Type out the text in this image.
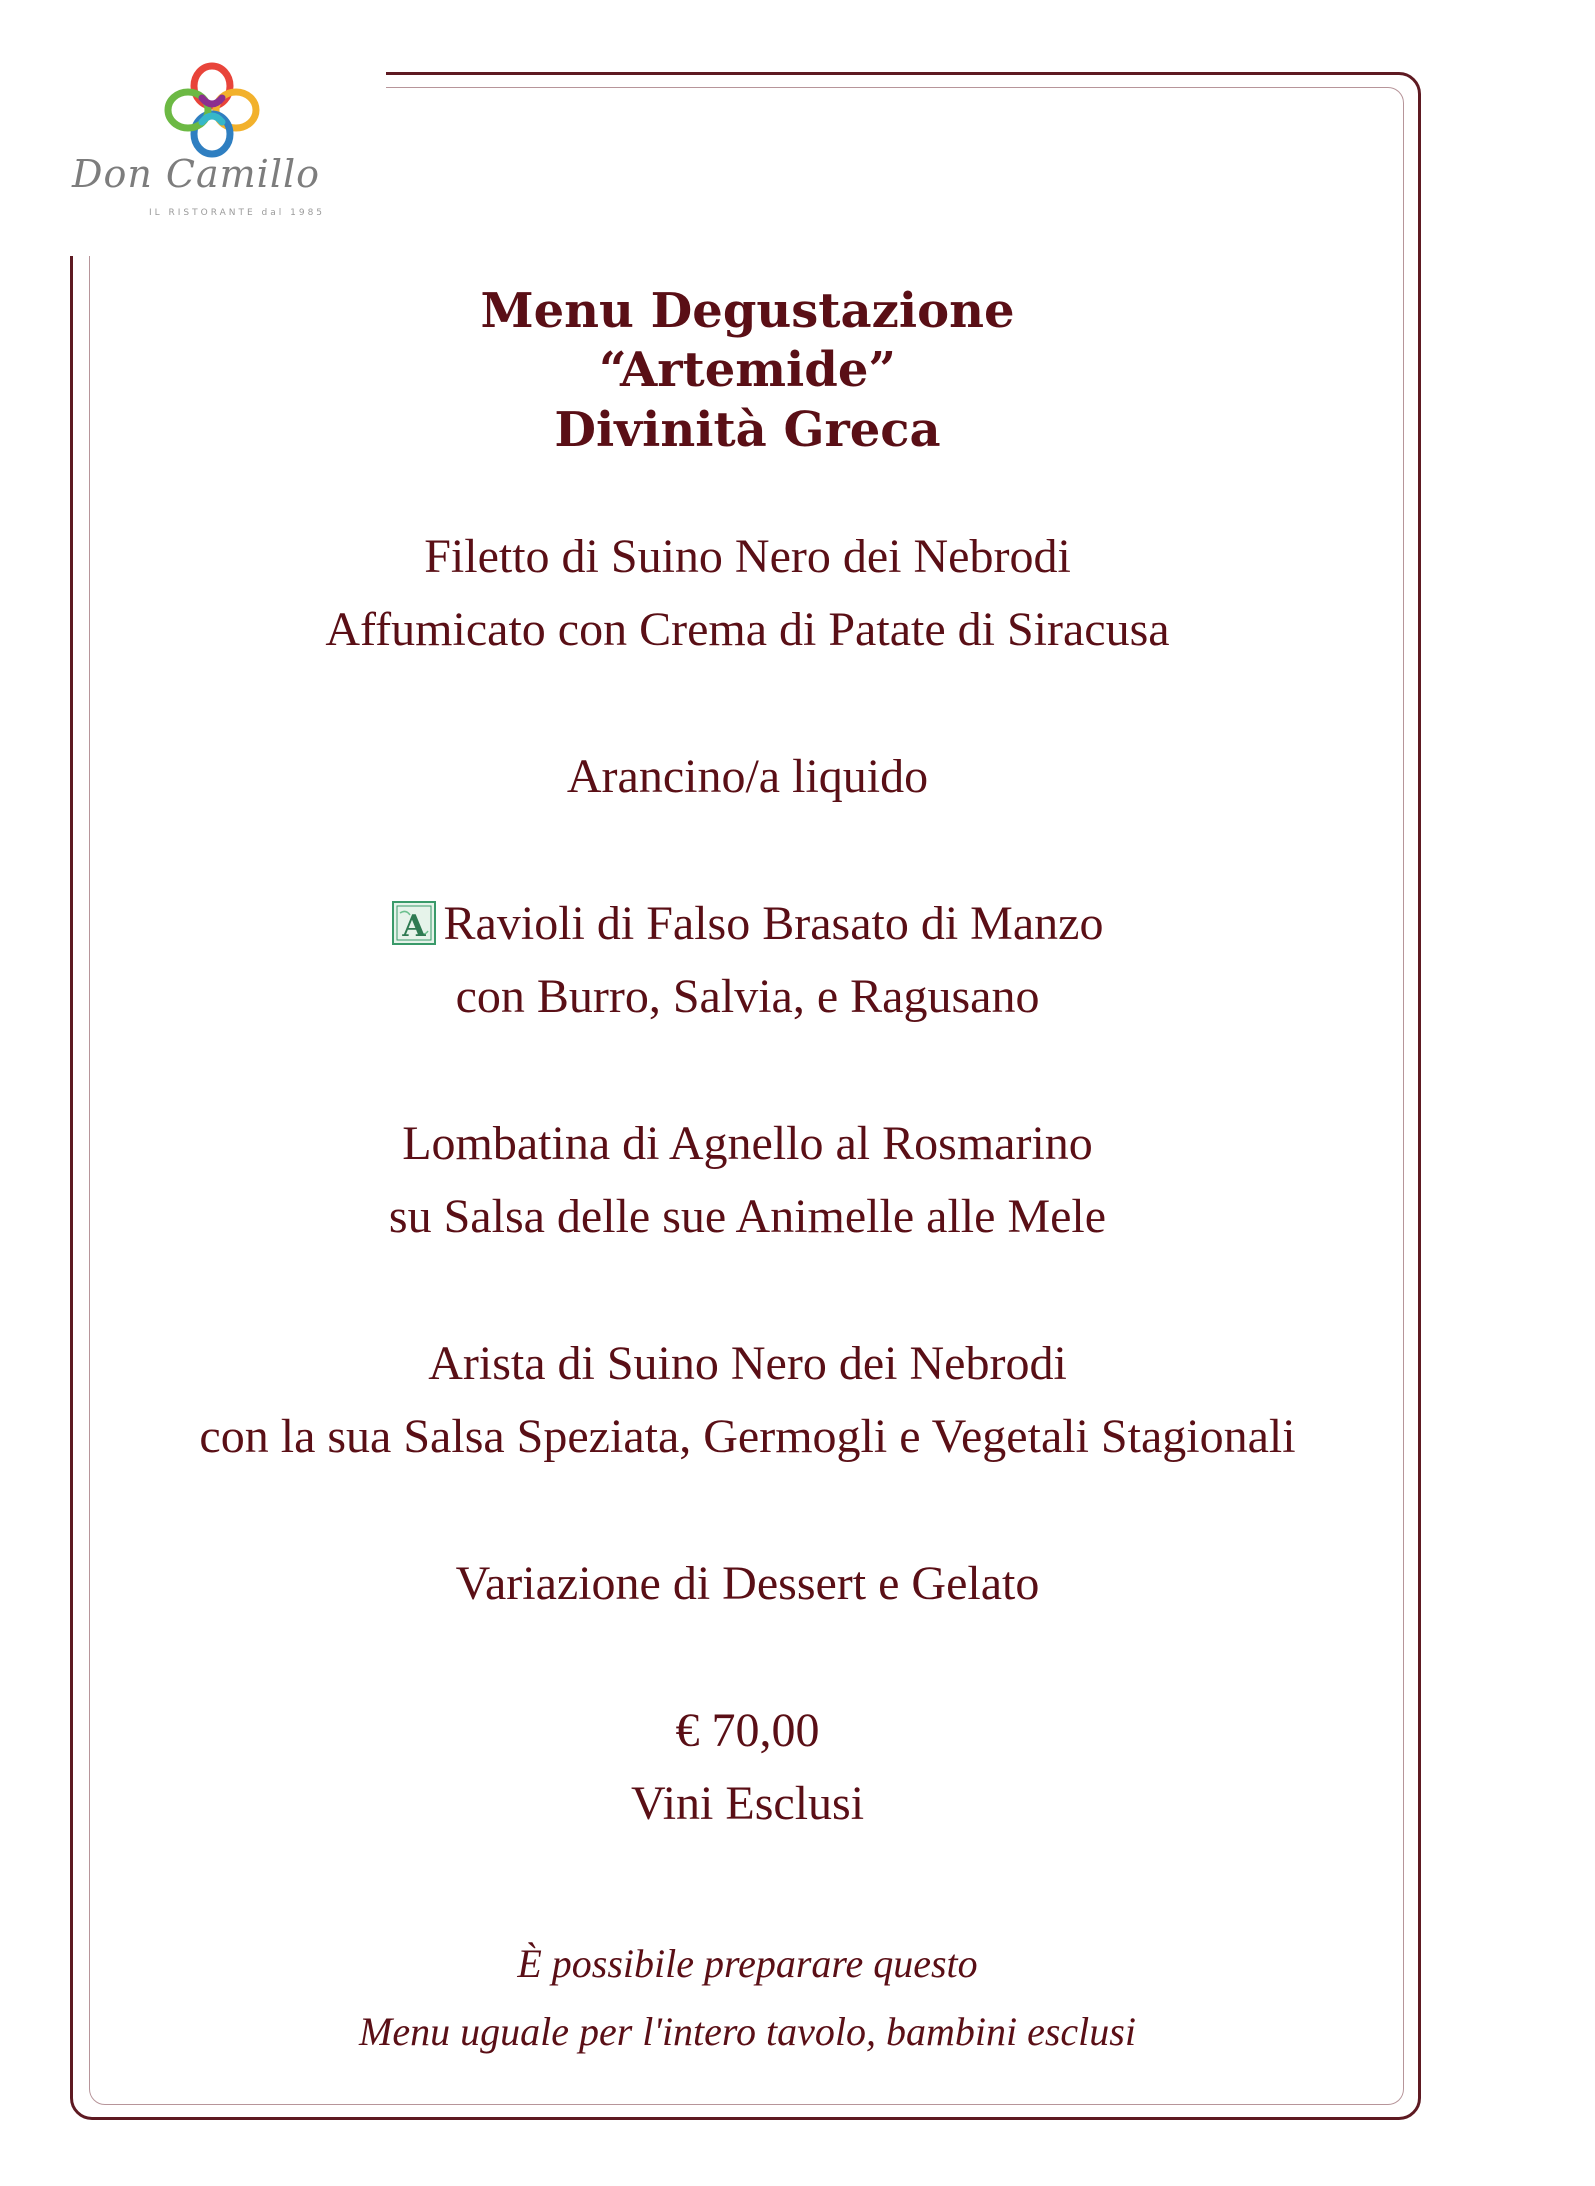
Don Camillo
IL RISTORANTE dal 1985
Menu Degustazione
“Artemide”
Divinità Greca
Filetto di Suino Nero dei Nebrodi
Affumicato con Crema di Patate di Siracusa
Arancino/a liquido
A Ravioli di Falso Brasato di Manzo
con Burro, Salvia, e Ragusano
Lombatina di Agnello al Rosmarino
su Salsa delle sue Animelle alle Mele
Arista di Suino Nero dei Nebrodi
con la sua Salsa Speziata, Germogli e Vegetali Stagionali
Variazione di Dessert e Gelato
€ 70,00
Vini Esclusi
È possibile preparare questo
Menu uguale per l'intero tavolo, bambini esclusi
